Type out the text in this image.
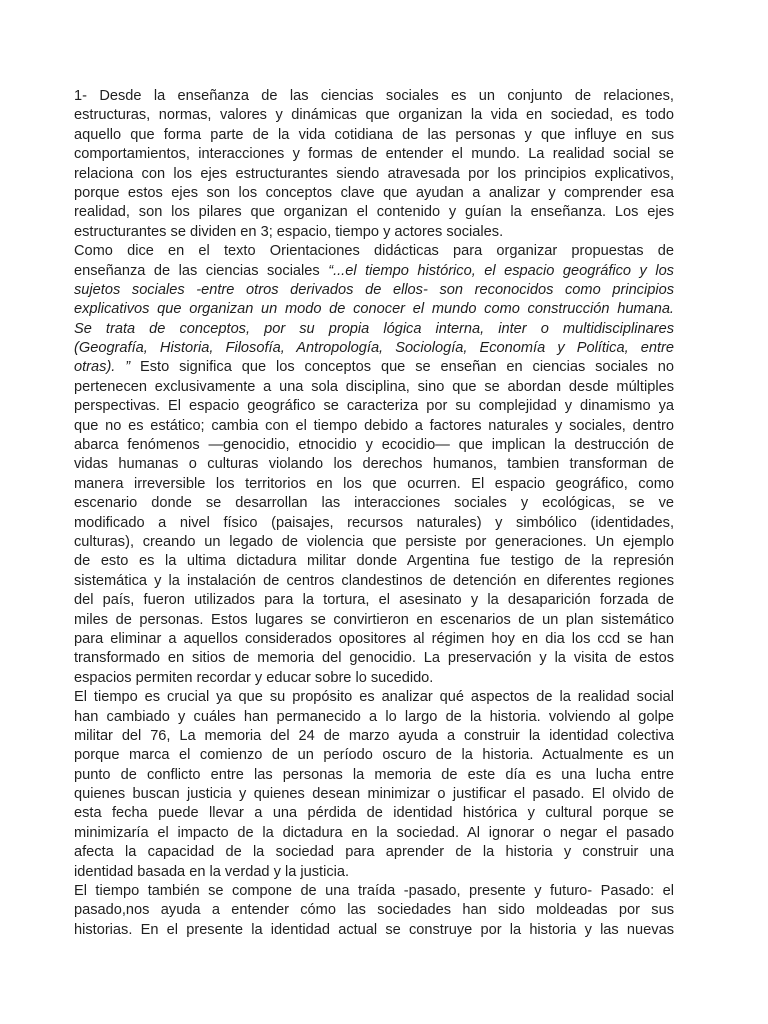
1- Desde la enseñanza de las ciencias sociales es un conjunto de relaciones,
estructuras, normas, valores y dinámicas que organizan la vida en sociedad, es todo
aquello que forma parte de la vida cotidiana de las personas y que influye en sus
comportamientos, interacciones y formas de entender el mundo. La realidad social se
relaciona con los ejes estructurantes siendo atravesada por los principios explicativos,
porque estos ejes son los conceptos clave que ayudan a analizar y comprender esa
realidad, son los pilares que organizan el contenido y guían la enseñanza. Los ejes
estructurantes se dividen en 3; espacio, tiempo y actores sociales.
Como dice en el texto Orientaciones didácticas para organizar propuestas de
enseñanza de las ciencias sociales “...el tiempo histórico, el espacio geográfico y los
sujetos sociales -entre otros derivados de ellos- son reconocidos como principios
explicativos que organizan un modo de conocer el mundo como construcción humana.
Se trata de conceptos, por su propia lógica interna, inter o multidisciplinares
(Geografía, Historia, Filosofía, Antropología, Sociología, Economía y Política, entre
otras). ” Esto significa que los conceptos que se enseñan en ciencias sociales no
pertenecen exclusivamente a una sola disciplina, sino que se abordan desde múltiples
perspectivas. El espacio geográfico se caracteriza por su complejidad y dinamismo ya
que no es estático; cambia con el tiempo debido a factores naturales y sociales, dentro
abarca fenómenos —genocidio, etnocidio y ecocidio— que implican la destrucción de
vidas humanas o culturas violando los derechos humanos, tambien transforman de
manera irreversible los territorios en los que ocurren. El espacio geográfico, como
escenario donde se desarrollan las interacciones sociales y ecológicas, se ve
modificado a nivel físico (paisajes, recursos naturales) y simbólico (identidades,
culturas), creando un legado de violencia que persiste por generaciones. Un ejemplo
de esto es la ultima dictadura militar donde Argentina fue testigo de la represión
sistemática y la instalación de centros clandestinos de detención en diferentes regiones
del país, fueron utilizados para la tortura, el asesinato y la desaparición forzada de
miles de personas. Estos lugares se convirtieron en escenarios de un plan sistemático
para eliminar a aquellos considerados opositores al régimen hoy en dia los ccd se han
transformado en sitios de memoria del genocidio. La preservación y la visita de estos
espacios permiten recordar y educar sobre lo sucedido.
El tiempo es crucial ya que su propósito es analizar qué aspectos de la realidad social
han cambiado y cuáles han permanecido a lo largo de la historia. volviendo al golpe
militar del 76, La memoria del 24 de marzo ayuda a construir la identidad colectiva
porque marca el comienzo de un período oscuro de la historia. Actualmente es un
punto de conflicto entre las personas la memoria de este día es una lucha entre
quienes buscan justicia y quienes desean minimizar o justificar el pasado. El olvido de
esta fecha puede llevar a una pérdida de identidad histórica y cultural porque se
minimizaría el impacto de la dictadura en la sociedad. Al ignorar o negar el pasado
afecta la capacidad de la sociedad para aprender de la historia y construir una
identidad basada en la verdad y la justicia.
El tiempo también se compone de una traída -pasado, presente y futuro- Pasado: el
pasado,nos ayuda a entender cómo las sociedades han sido moldeadas por sus
historias. En el presente la identidad actual se construye por la historia y las nuevas
